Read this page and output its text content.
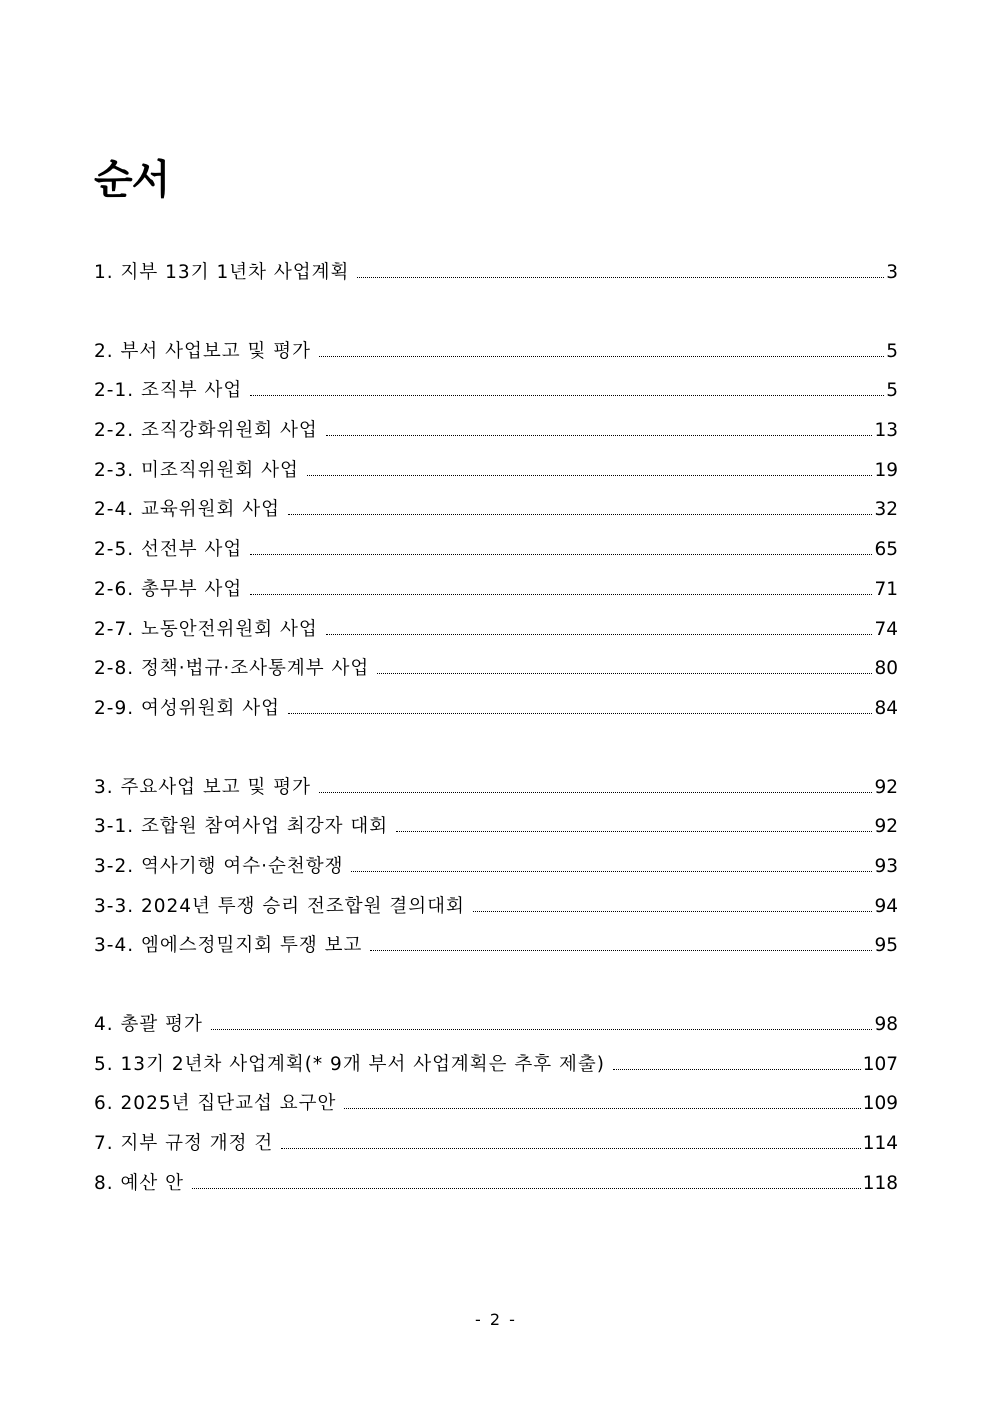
순서
1. 지부 13기 1년차 사업계획	3
2. 부서 사업보고 및 평가	5
2-1. 조직부 사업	5
2-2. 조직강화위원회 사업	13
2-3. 미조직위원회 사업	19
2-4. 교육위원회 사업	32
2-5. 선전부 사업	65
2-6. 총무부 사업	71
2-7. 노동안전위원회 사업	74
2-8. 정책·법규·조사통계부 사업	80
2-9. 여성위원회 사업	84
3. 주요사업 보고 및 평가	92
3-1. 조합원 참여사업 최강자 대회	92
3-2. 역사기행 여수·순천항쟁	93
3-3. 2024년 투쟁 승리 전조합원 결의대회	94
3-4. 엠에스정밀지회 투쟁 보고	95
4. 총괄 평가	98
5. 13기 2년차 사업계획(* 9개 부서 사업계획은 추후 제출)	107
6. 2025년 집단교섭 요구안	109
7. 지부 규정 개정 건	114
8. 예산 안	118
- 2 -
